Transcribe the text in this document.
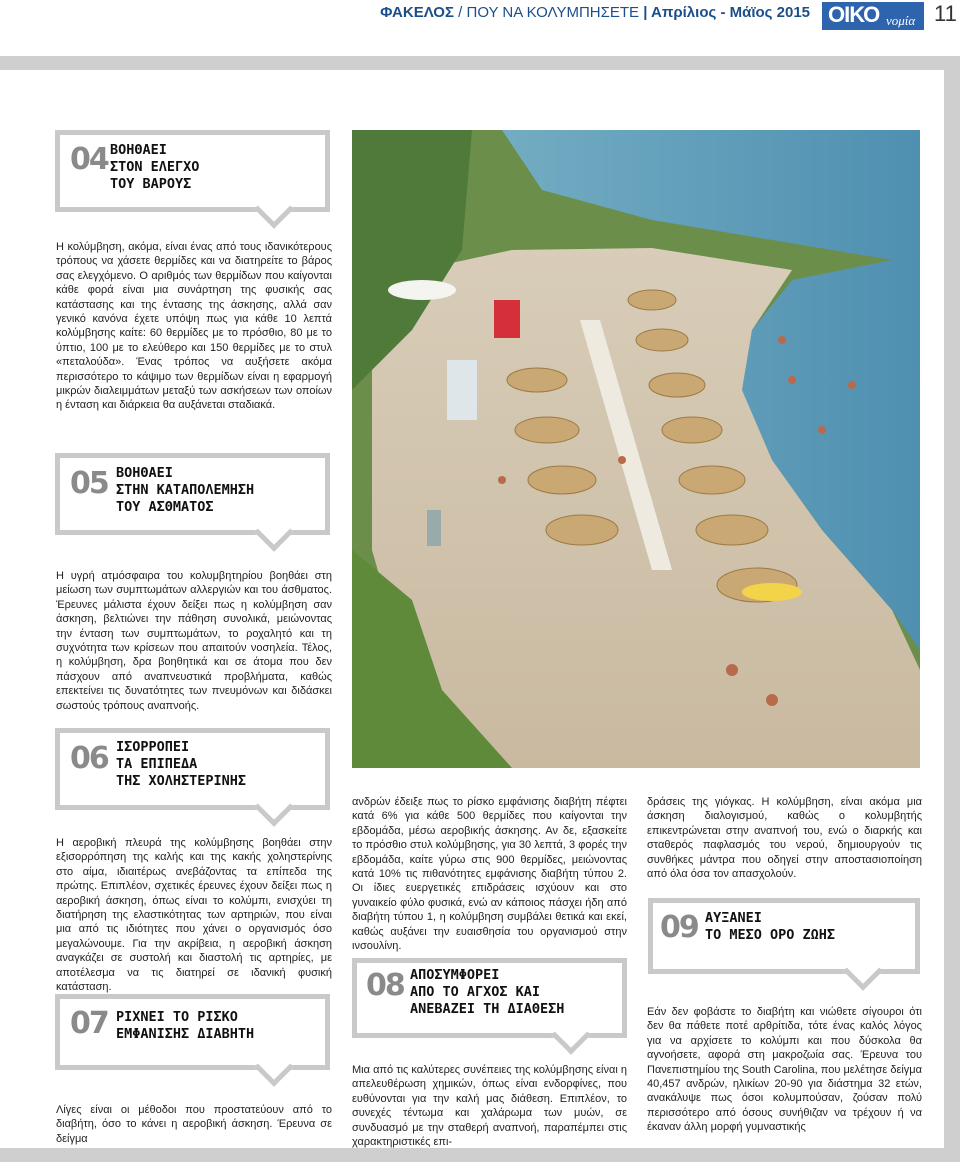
ΦΑΚΕΛΟΣ / ΠΟΥ ΝΑ ΚΟΛΥΜΠΗΣΕΤΕ | Απρίλιος - Μάϊος 2015 ΟΙΚΟ νομία 11
04 ΒΟΗΘΑΕΙ
ΣΤΟΝ ΕΛΕΓΧΟ
ΤΟΥ ΒΑΡΟΥΣ
Η κολύμβηση, ακόμα, είναι ένας από τους ιδανικότερους τρόπους να χάσετε θερμίδες και να διατηρείτε το βάρος σας ελεγχόμενο. Ο αριθμός των θερμίδων που καίγονται κάθε φορά είναι μια συνάρτηση της φυσικής σας κατάστασης και της έντασης της άσκησης, αλλά σαν γενικό κανόνα έχετε υπόψη πως για κάθε 10 λεπτά κολύμβησης καίτε: 60 θερμίδες με το πρόσθιο, 80 με το ύπτιο, 100 με το ελεύθερο και 150 θερμίδες με το στυλ «πεταλούδα». Ένας τρόπος να αυξήσετε ακόμα περισσότερο το κάψιμο των θερμίδων είναι η εφαρμογή μικρών διαλειμμάτων μεταξύ των ασκήσεων των οποίων η ένταση και διάρκεια θα αυξάνεται σταδιακά.
05 ΒΟΗΘΑΕΙ
ΣΤΗΝ ΚΑΤΑΠΟΛΕΜΗΣΗ
ΤΟΥ ΑΣΘΜΑΤΟΣ
Η υγρή ατμόσφαιρα του κολυμβητηρίου βοηθάει στη μείωση των συμπτωμάτων αλλεργιών και του άσθματος. Έρευνες μάλιστα έχουν δείξει πως η κολύμβηση σαν άσκηση, βελτιώνει την πάθηση συνολικά, μειώνοντας την ένταση των συμπτωμάτων, το ροχαλητό και τη συχνότητα των κρίσεων που απαιτούν νοσηλεία. Τέλος, η κολύμβηση, δρα βοηθητικά και σε άτομα που δεν πάσχουν από αναπνευστικά προβλήματα, καθώς επεκτείνει τις δυνατότητες των πνευμόνων και διδάσκει σωστούς τρόπους αναπνοής.
06 ΙΣΟΡΡΟΠΕΙ
ΤΑ ΕΠΙΠΕΔΑ
ΤΗΣ ΧΟΛΗΣΤΕΡΙΝΗΣ
Η αεροβική πλευρά της κολύμβησης βοηθάει στην εξισορρόπηση της καλής και της κακής χοληστερίνης στο αίμα, ιδιαιτέρως ανεβάζοντας τα επίπεδα της πρώτης. Επιπλέον, σχετικές έρευνες έχουν δείξει πως η αεροβική άσκηση, όπως είναι το κολύμπι, ενισχύει τη διατήρηση της ελαστικότητας των αρτηριών, που είναι μια από τις ιδιότητες που χάνει ο οργανισμός όσο μεγαλώνουμε. Για την ακρίβεια, η αεροβική άσκηση αναγκάζει σε συστολή και διαστολή τις αρτηρίες, με αποτέλεσμα να τις διατηρεί σε ιδανική φυσική κατάσταση.
07 ΡΙΧΝΕΙ ΤΟ ΡΙΣΚΟ
ΕΜΦΑΝΙΣΗΣ ΔΙΑΒΗΤΗ
Λίγες είναι οι μέθοδοι που προστατεύουν από το διαβήτη, όσο το κάνει η αεροβική άσκηση. Έρευνα σε δείγμα
ανδρών έδειξε πως το ρίσκο εμφάνισης διαβήτη πέφτει κατά 6% για κάθε 500 θερμίδες που καίγονται την εβδομάδα, μέσω αεροβικής άσκησης. Αν δε, εξασκείτε το πρόσθιο στυλ κολύμβησης, για 30 λεπτά, 3 φορές την εβδομάδα, καίτε γύρω στις 900 θερμίδες, μειώνοντας κατά 10% τις πιθανότητες εμφάνισης διαβήτη τύπου 2. Οι ίδιες ευεργετικές επιδράσεις ισχύουν και στο γυναικείο φύλο φυσικά, ενώ αν κάποιος πάσχει ήδη από διαβήτη τύπου 1, η κολύμβηση συμβάλει θετικά και εκεί, καθώς αυξάνει την ευαισθησία του οργανισμού στην ινσουλίνη.
δράσεις της γιόγκας. Η κολύμβηση, είναι ακόμα μια άσκηση διαλογισμού, καθώς ο κολυμβητής επικεντρώνεται στην αναπνοή του, ενώ ο διαρκής και σταθερός παφλασμός του νερού, δημιουργούν τις συνθήκες μάντρα που οδηγεί στην αποστασιοποίηση από όλα όσα τον απασχολούν.
08 ΑΠΟΣΥΜΦΟΡΕΙ
ΑΠΟ ΤΟ ΑΓΧΟΣ ΚΑΙ
ΑΝΕΒΑΖΕΙ ΤΗ ΔΙΑΘΕΣΗ
Μια από τις καλύτερες συνέπειες της κολύμβησης είναι η απελευθέρωση χημικών, όπως είναι ενδορφίνες, που ευθύνονται για την καλή μας διάθεση. Επιπλέον, το συνεχές τέντωμα και χαλάρωμα των μυών, σε συνδυασμό με την σταθερή αναπνοή, παραπέμπει στις χαρακτηριστικές επι-
09 ΑΥΞΑΝΕΙ
ΤΟ ΜΕΣΟ ΟΡΟ ΖΩΗΣ
Εάν δεν φοβάστε το διαβήτη και νιώθετε σίγουροι ότι δεν θα πάθετε ποτέ αρθρίτιδα, τότε ένας καλός λόγος για να αρχίσετε το κολύμπι και που δύσκολα θα αγνοήσετε, αφορά στη μακροζωία σας. Έρευνα του Πανεπιστημίου της South Carolina, που μελέτησε δείγμα 40,457 ανδρών, ηλικίων 20-90 για διάστημα 32 ετών, ανακάλυψε πως όσοι κολυμπούσαν, ζούσαν πολύ περισσότερο από όσους συνήθιζαν να τρέχουν ή να έκαναν άλλη μορφή γυμναστικής
